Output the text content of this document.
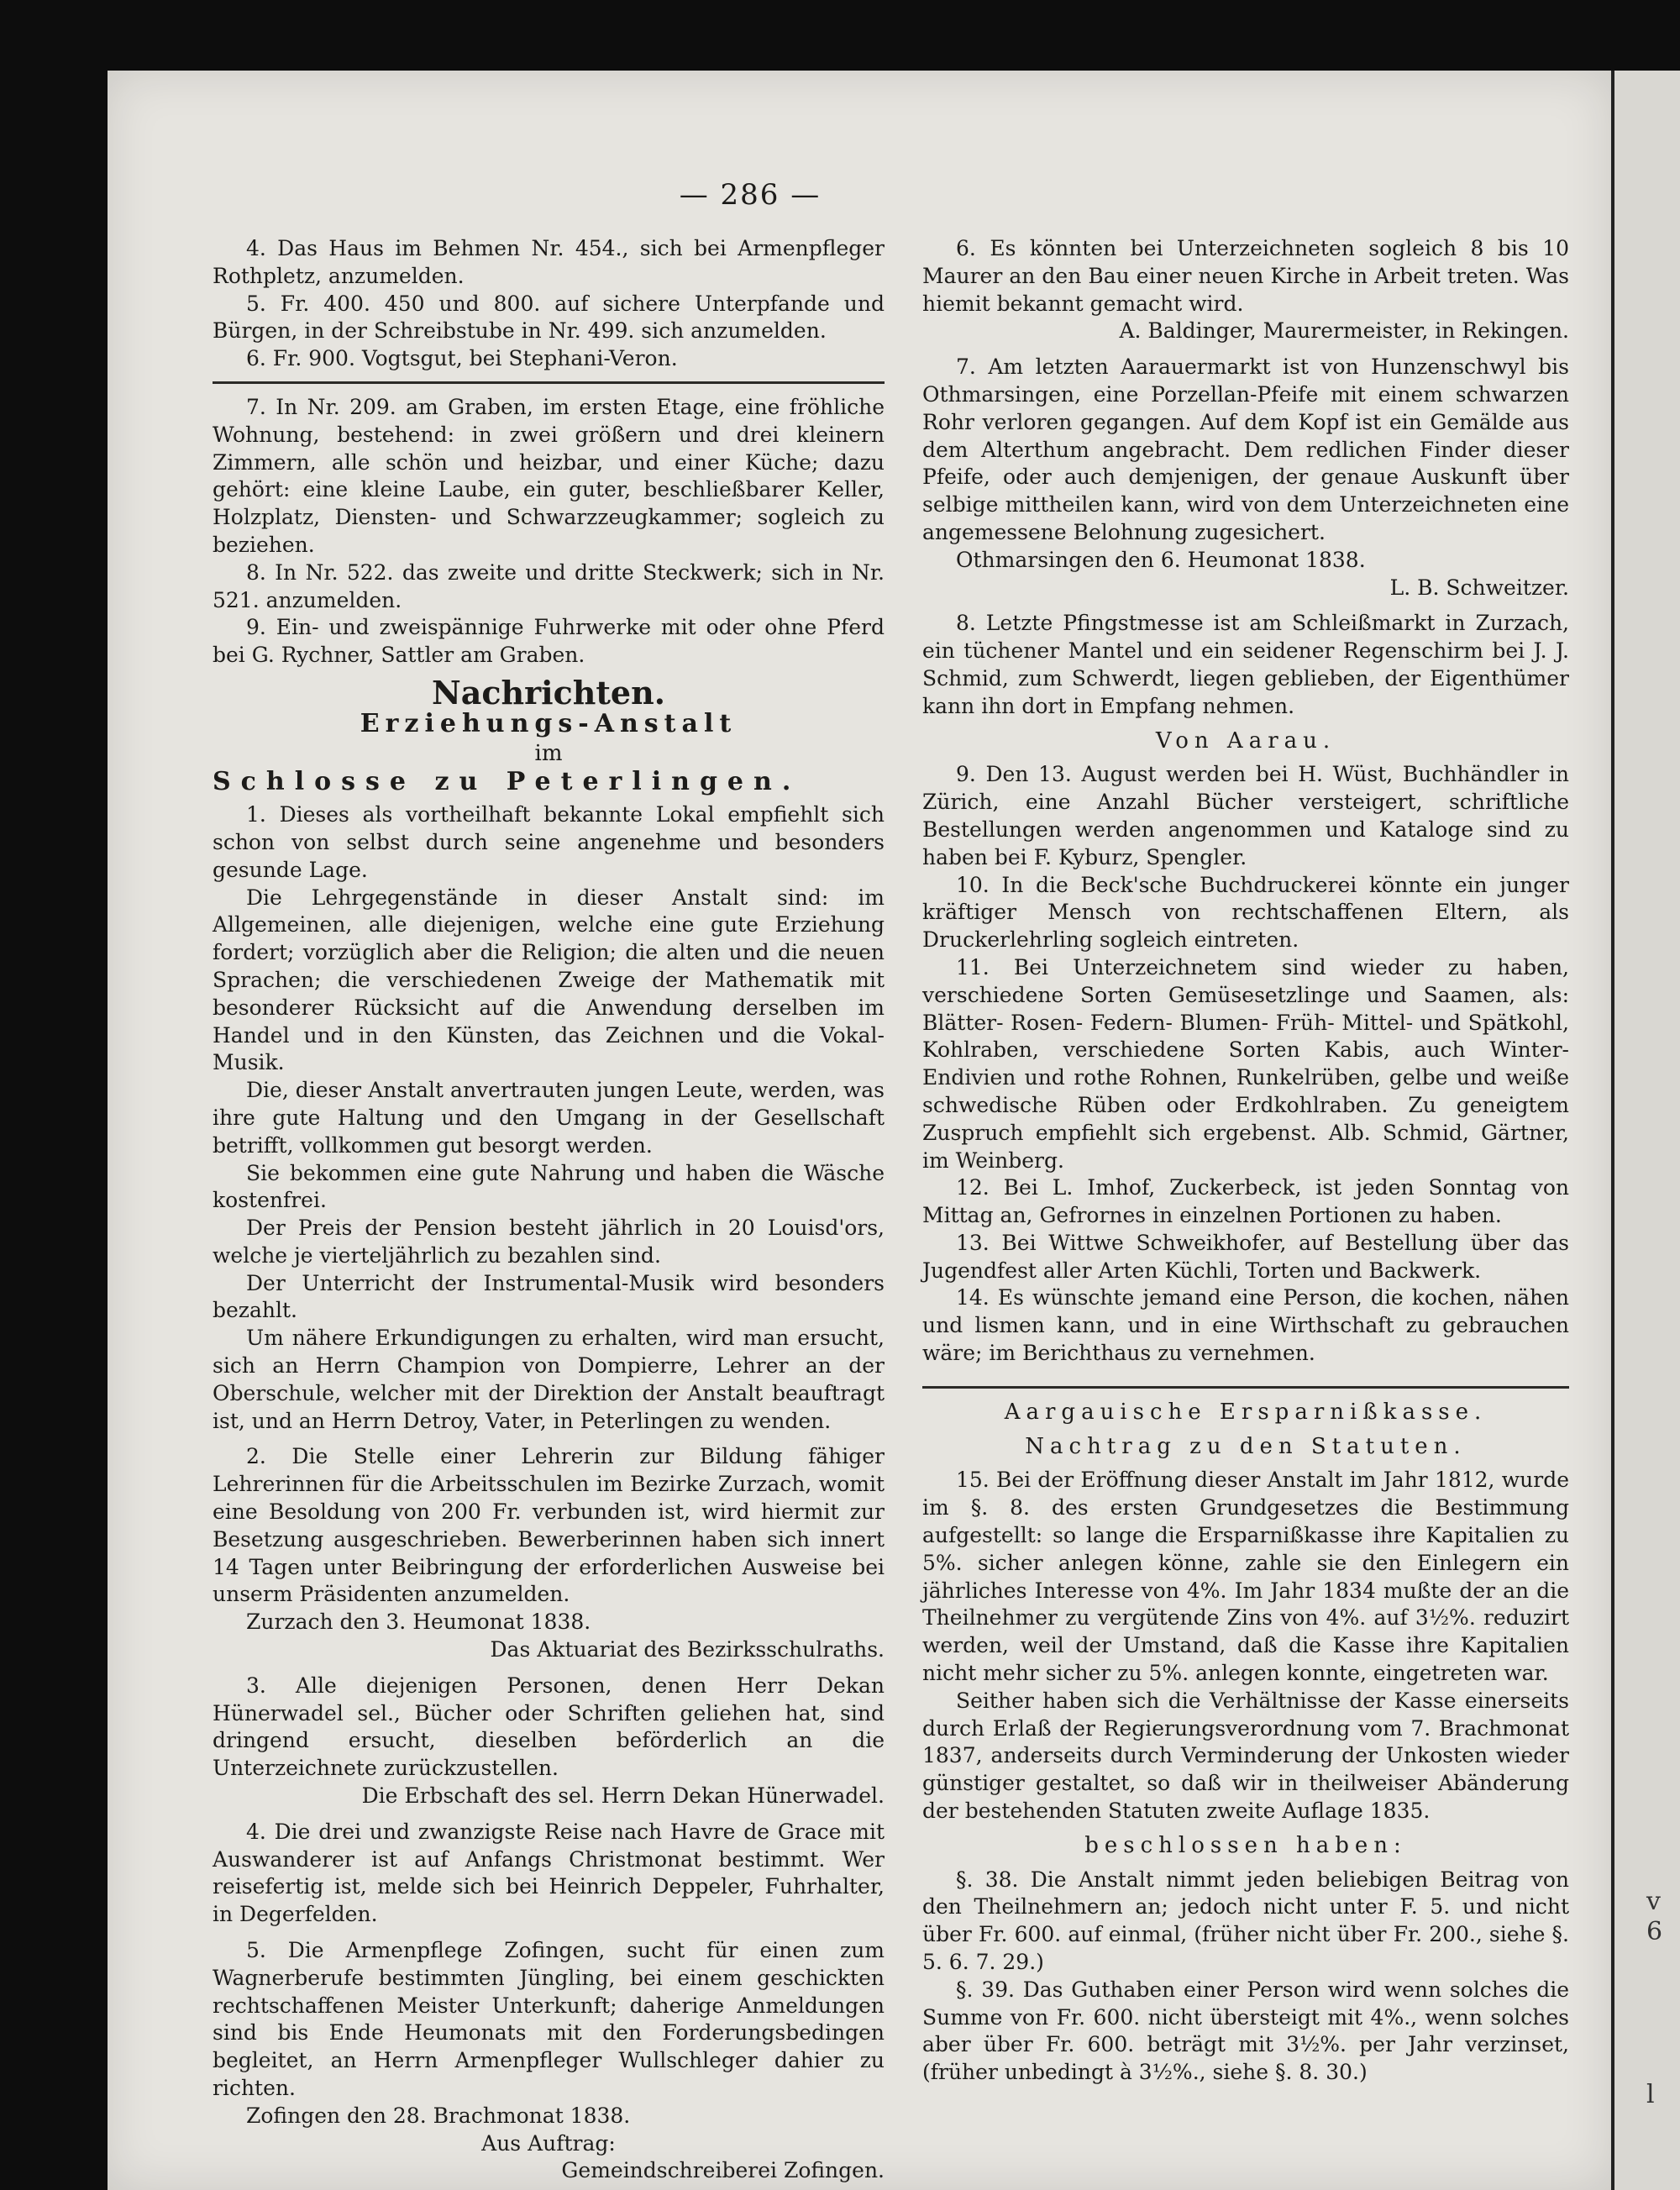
— 286 —

4. Das Haus im Behmen Nr. 454., sich bei Armenpfleger Rothpletz, anzumelden.

5. Fr. 400. 450 und 800. auf sichere Unterpfande und Bürgen, in der Schreibstube in Nr. 499. sich anzumelden.

6. Fr. 900. Vogtsgut, bei Stephani-Veron.

7. In Nr. 209. am Graben, im ersten Etage, eine fröhliche Wohnung, bestehend: in zwei größern und drei kleinern Zimmern, alle schön und heizbar, und einer Küche; dazu gehört: eine kleine Laube, ein guter, beschließbarer Keller, Holzplatz, Diensten- und Schwarzzeugkammer; sogleich zu beziehen.

8. In Nr. 522. das zweite und dritte Steckwerk; sich in Nr. 521. anzumelden.

9. Ein- und zweispännige Fuhrwerke mit oder ohne Pferd bei G. Rychner, Sattler am Graben.

Nachrichten.
Erziehungs-Anstalt
im
Schlosse zu Peterlingen.

1. Dieses als vortheilhaft bekannte Lokal empfiehlt sich schon von selbst durch seine angenehme und besonders gesunde Lage.

Die Lehrgegenstände in dieser Anstalt sind: im Allgemeinen, alle diejenigen, welche eine gute Erziehung fordert; vorzüglich aber die Religion; die alten und die neuen Sprachen; die verschiedenen Zweige der Mathematik mit besonderer Rücksicht auf die Anwendung derselben im Handel und in den Künsten, das Zeichnen und die Vokal-Musik.

Die, dieser Anstalt anvertrauten jungen Leute, werden, was ihre gute Haltung und den Umgang in der Gesellschaft betrifft, vollkommen gut besorgt werden.

Sie bekommen eine gute Nahrung und haben die Wäsche kostenfrei.

Der Preis der Pension besteht jährlich in 20 Louisd'ors, welche je vierteljährlich zu bezahlen sind.

Der Unterricht der Instrumental-Musik wird besonders bezahlt.

Um nähere Erkundigungen zu erhalten, wird man ersucht, sich an Herrn Champion von Dompierre, Lehrer an der Oberschule, welcher mit der Direktion der Anstalt beauftragt ist, und an Herrn Detroy, Vater, in Peterlingen zu wenden.

2. Die Stelle einer Lehrerin zur Bildung fähiger Lehrerinnen für die Arbeitsschulen im Bezirke Zurzach, womit eine Besoldung von 200 Fr. verbunden ist, wird hiermit zur Besetzung ausgeschrieben. Bewerberinnen haben sich innert 14 Tagen unter Beibringung der erforderlichen Ausweise bei unserm Präsidenten anzumelden.

Zurzach den 3. Heumonat 1838.

Das Aktuariat des Bezirksschulraths.

3. Alle diejenigen Personen, denen Herr Dekan Hünerwadel sel., Bücher oder Schriften geliehen hat, sind dringend ersucht, dieselben beförderlich an die Unterzeichnete zurückzustellen.

Die Erbschaft des sel. Herrn Dekan Hünerwadel.

4. Die drei und zwanzigste Reise nach Havre de Grace mit Auswanderer ist auf Anfangs Christmonat bestimmt. Wer reisefertig ist, melde sich bei Heinrich Deppeler, Fuhrhalter, in Degerfelden.

5. Die Armenpflege Zofingen, sucht für einen zum Wagnerberufe bestimmten Jüngling, bei einem geschickten rechtschaffenen Meister Unterkunft; daherige Anmeldungen sind bis Ende Heumonats mit den Forderungsbedingen begleitet, an Herrn Armenpfleger Wullschleger dahier zu richten.

Zofingen den 28. Brachmonat 1838.

Aus Auftrag:

Gemeindschreiberei Zofingen.

6. Es könnten bei Unterzeichneten sogleich 8 bis 10 Maurer an den Bau einer neuen Kirche in Arbeit treten. Was hiemit bekannt gemacht wird.

A. Baldinger, Maurermeister, in Rekingen.

7. Am letzten Aarauermarkt ist von Hunzenschwyl bis Othmarsingen, eine Porzellan-Pfeife mit einem schwarzen Rohr verloren gegangen. Auf dem Kopf ist ein Gemälde aus dem Alterthum angebracht. Dem redlichen Finder dieser Pfeife, oder auch demjenigen, der genaue Auskunft über selbige mittheilen kann, wird von dem Unterzeichneten eine angemessene Belohnung zugesichert.

Othmarsingen den 6. Heumonat 1838.

L. B. Schweitzer.

8. Letzte Pfingstmesse ist am Schleißmarkt in Zurzach, ein tüchener Mantel und ein seidener Regenschirm bei J. J. Schmid, zum Schwerdt, liegen geblieben, der Eigenthümer kann ihn dort in Empfang nehmen.

Von Aarau.

9. Den 13. August werden bei H. Wüst, Buchhändler in Zürich, eine Anzahl Bücher versteigert, schriftliche Bestellungen werden angenommen und Kataloge sind zu haben bei F. Kyburz, Spengler.

10. In die Beck'sche Buchdruckerei könnte ein junger kräftiger Mensch von rechtschaffenen Eltern, als Druckerlehrling sogleich eintreten.

11. Bei Unterzeichnetem sind wieder zu haben, verschiedene Sorten Gemüsesetzlinge und Saamen, als: Blätter- Rosen- Federn- Blumen- Früh- Mittel- und Spätkohl, Kohlraben, verschiedene Sorten Kabis, auch Winter-Endivien und rothe Rohnen, Runkelrüben, gelbe und weiße schwedische Rüben oder Erdkohlraben. Zu geneigtem Zuspruch empfiehlt sich ergebenst. Alb. Schmid, Gärtner, im Weinberg.

12. Bei L. Imhof, Zuckerbeck, ist jeden Sonntag von Mittag an, Gefrornes in einzelnen Portionen zu haben.

13. Bei Wittwe Schweikhofer, auf Bestellung über das Jugendfest aller Arten Küchli, Torten und Backwerk.

14. Es wünschte jemand eine Person, die kochen, nähen und lismen kann, und in eine Wirthschaft zu gebrauchen wäre; im Berichthaus zu vernehmen.

Aargauische Ersparnißkasse.
Nachtrag zu den Statuten.

15. Bei der Eröffnung dieser Anstalt im Jahr 1812, wurde im §. 8. des ersten Grundgesetzes die Bestimmung aufgestellt: so lange die Ersparnißkasse ihre Kapitalien zu 5%. sicher anlegen könne, zahle sie den Einlegern ein jährliches Interesse von 4%. Im Jahr 1834 mußte der an die Theilnehmer zu vergütende Zins von 4%. auf 3½%. reduzirt werden, weil der Umstand, daß die Kasse ihre Kapitalien nicht mehr sicher zu 5%. anlegen konnte, eingetreten war.

Seither haben sich die Verhältnisse der Kasse einerseits durch Erlaß der Regierungsverordnung vom 7. Brachmonat 1837, anderseits durch Verminderung der Unkosten wieder günstiger gestaltet, so daß wir in theilweiser Abänderung der bestehenden Statuten zweite Auflage 1835.

beschlossen haben:

§. 38. Die Anstalt nimmt jeden beliebigen Beitrag von den Theilnehmern an; jedoch nicht unter F. 5. und nicht über Fr. 600. auf einmal, (früher nicht über Fr. 200., siehe §. 5. 6. 7. 29.)

§. 39. Das Guthaben einer Person wird wenn solches die Summe von Fr. 600. nicht übersteigt mit 4%., wenn solches aber über Fr. 600. beträgt mit 3½%. per Jahr verzinset, (früher unbedingt à 3½%., siehe §. 8. 30.)

v
6
l
